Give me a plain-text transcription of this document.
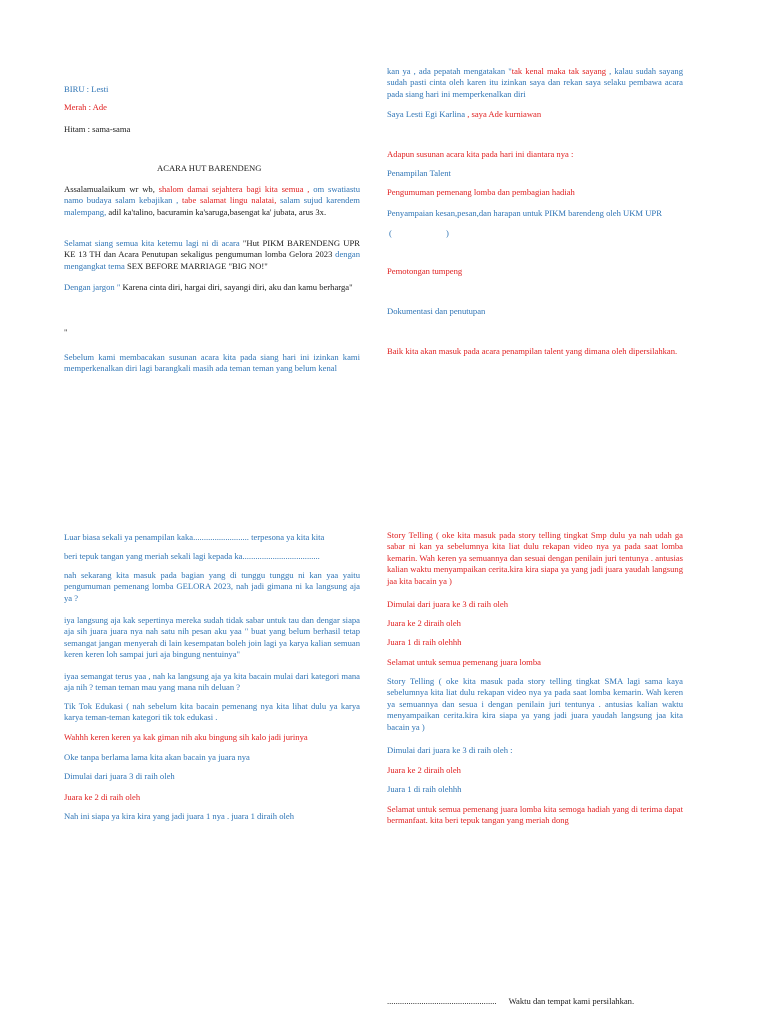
BIRU : Lesti

Merah : Ade

Hitam : sama-sama

ACARA HUT BARENDENG

Assalamualaikum wr wb, shalom damai sejahtera bagi kita semua , om swatiastu namo budaya salam kebajikan , tabe salamat lingu nalatai, salam sujud karendem malempang, adil ka'talino, bacuramin ka'saruga,basengat ka' jubata, arus 3x.

Selamat siang semua kita ketemu lagi ni di acara "Hut PIKM BARENDENG UPR KE 13 TH dan Acara Penutupan sekaligus pengumuman lomba Gelora 2023 dengan mengangkat tema SEX BEFORE MARRIAGE "BIG NO!"

Dengan jargon " Karena cinta diri, hargai diri, sayangi diri, aku dan kamu berharga"

"

Sebelum kami membacakan susunan acara kita pada siang hari ini izinkan kami memperkenalkan diri lagi barangkali masih ada teman teman yang belum kenal

kan ya , ada pepatah mengatakan "tak kenal maka tak sayang , kalau sudah sayang sudah pasti cinta oleh karen itu izinkan saya dan rekan saya selaku pembawa acara pada siang hari ini memperkenalkan diri

Saya Lesti Egi Karlina , saya Ade kurniawan

Adapun susunan acara kita pada hari ini diantara nya :

Penampilan Talent

Pengumuman pemenang lomba dan pembagian hadiah

Penyampaian kesan,pesan,dan harapan untuk PIKM barendeng oleh UKM UPR

(	)

Pemotongan tumpeng

Dokumentasi dan penutupan

Baik kita akan masuk pada acara penampilan talent yang dimana oleh dipersilahkan.

Luar biasa sekali ya penampilan kaka.......................... terpesona ya kita kita

beri tepuk tangan yang meriah sekali lagi kepada ka....................................

nah sekarang kita masuk pada bagian yang di tunggu tunggu ni kan yaa yaitu pengumuman pemenang lomba GELORA 2023, nah jadi gimana ni ka langsung aja ya ?

iya langsung aja kak sepertinya mereka sudah tidak sabar untuk tau dan dengar siapa aja sih juara juara nya nah satu nih pesan aku yaa " buat yang belum berhasil tetap semangat jangan menyerah di lain kesempatan boleh join lagi ya karya kalian semuan keren keren loh sampai juri aja bingung nentuinya"

iyaa semangat terus yaa , nah ka langsung aja ya kita bacain mulai dari kategori mana aja nih ? teman teman mau yang mana nih deluan ?

Tik Tok Edukasi ( nah sebelum kita bacain pemenang nya kita lihat dulu ya karya karya teman-teman kategori tik tok edukasi .

Wahhh keren keren ya kak giman nih aku bingung sih kalo jadi jurinya

Oke tanpa berlama lama kita akan bacain ya juara nya

Dimulai dari juara 3 di raih oleh

Juara ke 2 di raih oleh

Nah ini siapa ya kira kira yang jadi juara 1 nya . juara 1 diraih oleh

Story Telling ( oke kita masuk pada story telling tingkat Smp dulu ya nah udah ga sabar ni kan ya sebelumnya kita liat dulu rekapan video nya ya pada saat lomba kemarin. Wah keren ya semuannya dan sesuai dengan penilain juri tentunya . antusias kalian waktu menyampaikan cerita.kira kira siapa ya yang jadi juara yaudah langsung jaa kita bacain ya )

Dimulai dari juara ke 3 di raih oleh

Juara ke 2 diraih oleh

Juara 1 di raih olehhh

Selamat untuk semua pemenang juara lomba

Story Telling ( oke kita masuk pada story telling tingkat SMA lagi sama kaya sebelumnya kita liat dulu rekapan video nya ya pada saat lomba kemarin. Wah keren ya semuannya dan sesua i dengan penilain juri tentunya . antusias kalian waktu menyampaikan cerita.kira kira siapa ya yang jadi juara yaudah langsung jaa kita bacain ya )

Dimulai dari juara ke 3 di raih oleh :

Juara ke 2 diraih oleh

Juara 1 di raih olehhh

Selamat untuk semua pemenang juara lomba kita semoga hadiah yang di terima dapat bermanfaat. kita beri tepuk tangan yang meriah dong

................................................... Waktu dan tempat kami persilahkan.
